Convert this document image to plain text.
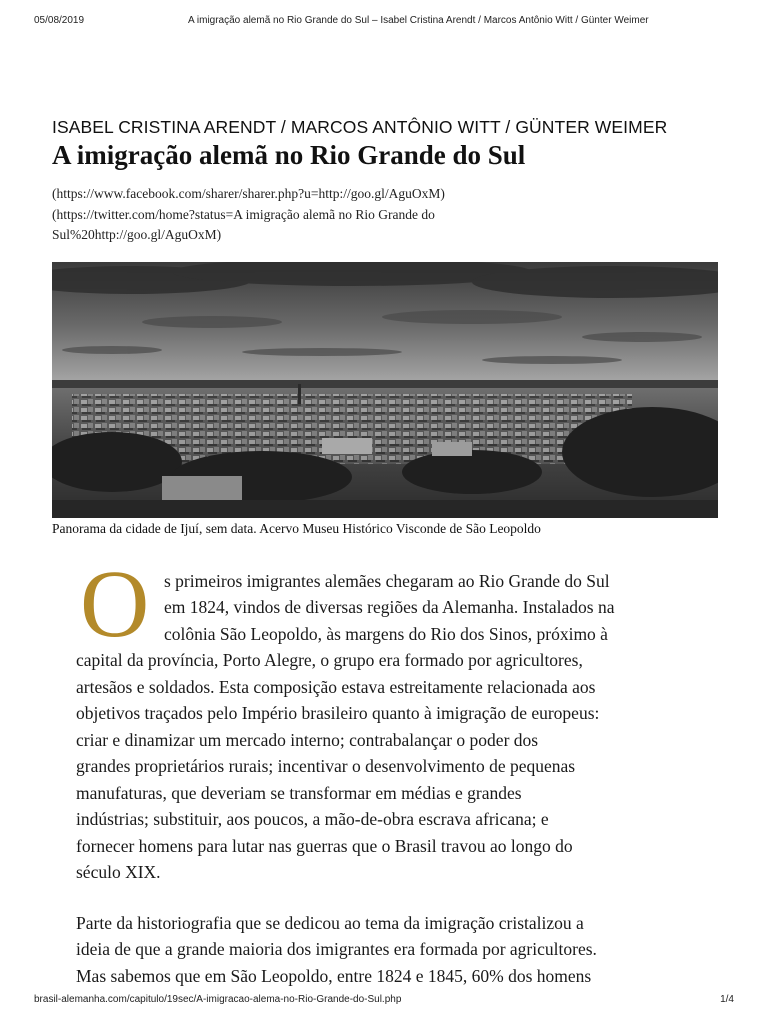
05/08/2019	A imigração alemã no Rio Grande do Sul – Isabel Cristina Arendt / Marcos Antônio Witt / Günter Weimer
ISABEL CRISTINA ARENDT / MARCOS ANTÔNIO WITT / GÜNTER WEIMER
A imigração alemã no Rio Grande do Sul
(https://www.facebook.com/sharer/sharer.php?u=http://goo.gl/AguOxM)
(https://twitter.com/home?status=A imigração alemã no Rio Grande do
Sul%20http://goo.gl/AguOxM)
Panorama da cidade de Ijuí, sem data. Acervo Museu Histórico Visconde de São Leopoldo
O s primeiros imigrantes alemães chegaram ao Rio Grande do Sul
em 1824, vindos de diversas regiões da Alemanha. Instalados na
colônia São Leopoldo, às margens do Rio dos Sinos, próximo à
capital da província, Porto Alegre, o grupo era formado por agricultores,
artesãos e soldados. Esta composição estava estreitamente relacionada aos
objetivos traçados pelo Império brasileiro quanto à imigração de europeus:
criar e dinamizar um mercado interno; contrabalançar o poder dos
grandes proprietários rurais; incentivar o desenvolvimento de pequenas
manufaturas, que deveriam se transformar em médias e grandes
indústrias; substituir, aos poucos, a mão-de-obra escrava africana; e
fornecer homens para lutar nas guerras que o Brasil travou ao longo do
século XIX.
Parte da historiografia que se dedicou ao tema da imigração cristalizou a
ideia de que a grande maioria dos imigrantes era formada por agricultores.
Mas sabemos que em São Leopoldo, entre 1824 e 1845, 60% dos homens
brasil-alemanha.com/capitulo/19sec/A-imigracao-alema-no-Rio-Grande-do-Sul.php	1/4
